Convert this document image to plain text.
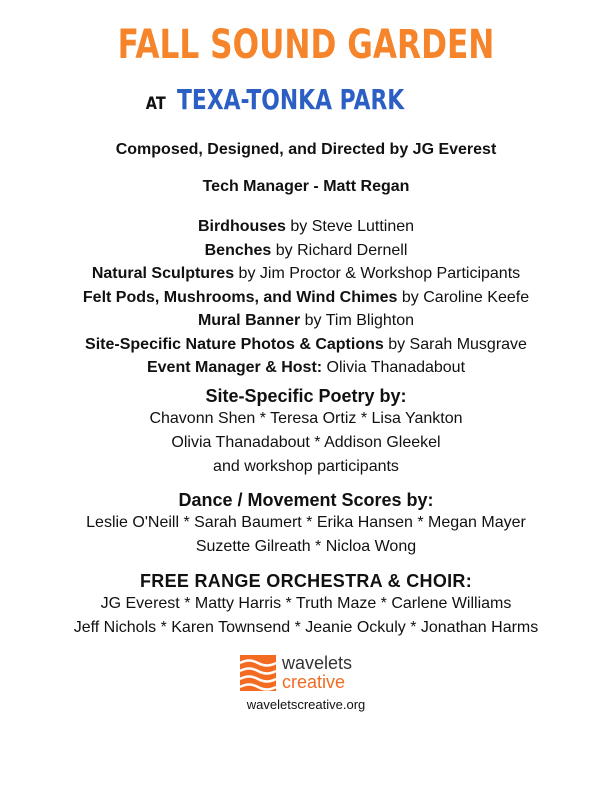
FALL SOUND GARDEN
AT TEXA-TONKA PARK
Composed, Designed, and Directed by JG Everest
Tech Manager - Matt Regan
Birdhouses by Steve Luttinen
Benches by Richard Dernell
Natural Sculptures by Jim Proctor & Workshop Participants
Felt Pods, Mushrooms, and Wind Chimes by Caroline Keefe
Mural Banner by Tim Blighton
Site-Specific Nature Photos & Captions by Sarah Musgrave
Event Manager & Host: Olivia Thanadabout
Site-Specific Poetry by:
Chavonn Shen * Teresa Ortiz * Lisa Yankton
Olivia Thanadabout * Addison Gleekel
and workshop participants
Dance / Movement Scores by:
Leslie O'Neill * Sarah Baumert * Erika Hansen * Megan Mayer
Suzette Gilreath * Nicloa Wong
FREE RANGE ORCHESTRA & CHOIR:
JG Everest * Matty Harris * Truth Maze * Carlene Williams
Jeff Nichols * Karen Townsend * Jeanie Ockuly * Jonathan Harms
wavelets
creative
waveletscreative.org
